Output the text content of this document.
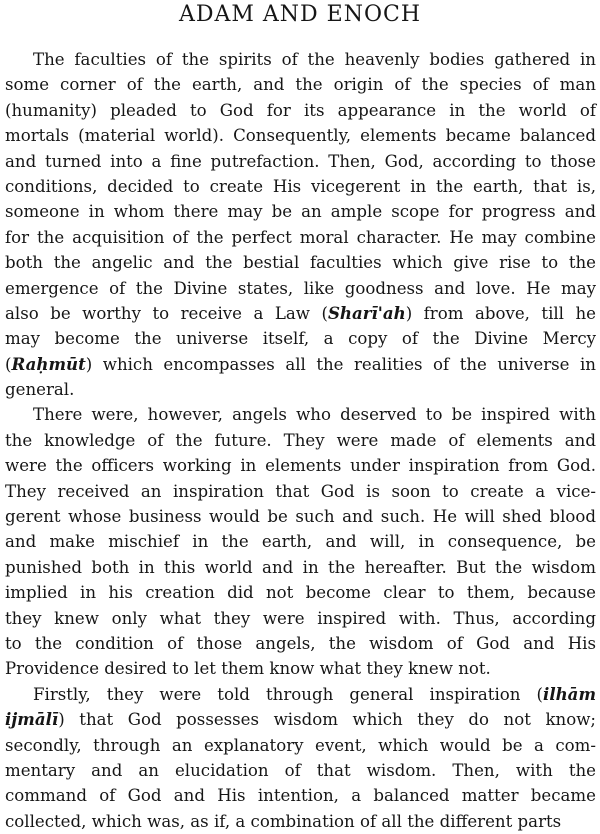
ADAM AND ENOCH
The faculties of the spirits of the heavenly bodies gathered in
some corner of the earth, and the origin of the species of man
(humanity) pleaded to God for its appearance in the world of
mortals (material world). Consequently, elements became balanced
and turned into a fine putrefaction. Then, God, according to those
conditions, decided to create His vicegerent in the earth, that is,
someone in whom there may be an ample scope for progress and
for the acquisition of the perfect moral character. He may combine
both the angelic and the bestial faculties which give rise to the
emergence of the Divine states, like goodness and love. He may
also be worthy to receive a Law (Sharī'ah) from above, till he
may become the universe itself, a copy of the Divine Mercy
(Raḥmūt) which encompasses all the realities of the universe in
general.
There were, however, angels who deserved to be inspired with
the knowledge of the future. They were made of elements and
were the officers working in elements under inspiration from God.
They received an inspiration that God is soon to create a vice-
gerent whose business would be such and such. He will shed blood
and make mischief in the earth, and will, in consequence, be
punished both in this world and in the hereafter. But the wisdom
implied in his creation did not become clear to them, because
they knew only what they were inspired with. Thus, according
to the condition of those angels, the wisdom of God and His
Providence desired to let them know what they knew not.
Firstly, they were told through general inspiration (ilhām
ijmālī) that God possesses wisdom which they do not know;
secondly, through an explanatory event, which would be a com-
mentary and an elucidation of that wisdom. Then, with the
command of God and His intention, a balanced matter became
collected, which was, as if, a combination of all the different parts
